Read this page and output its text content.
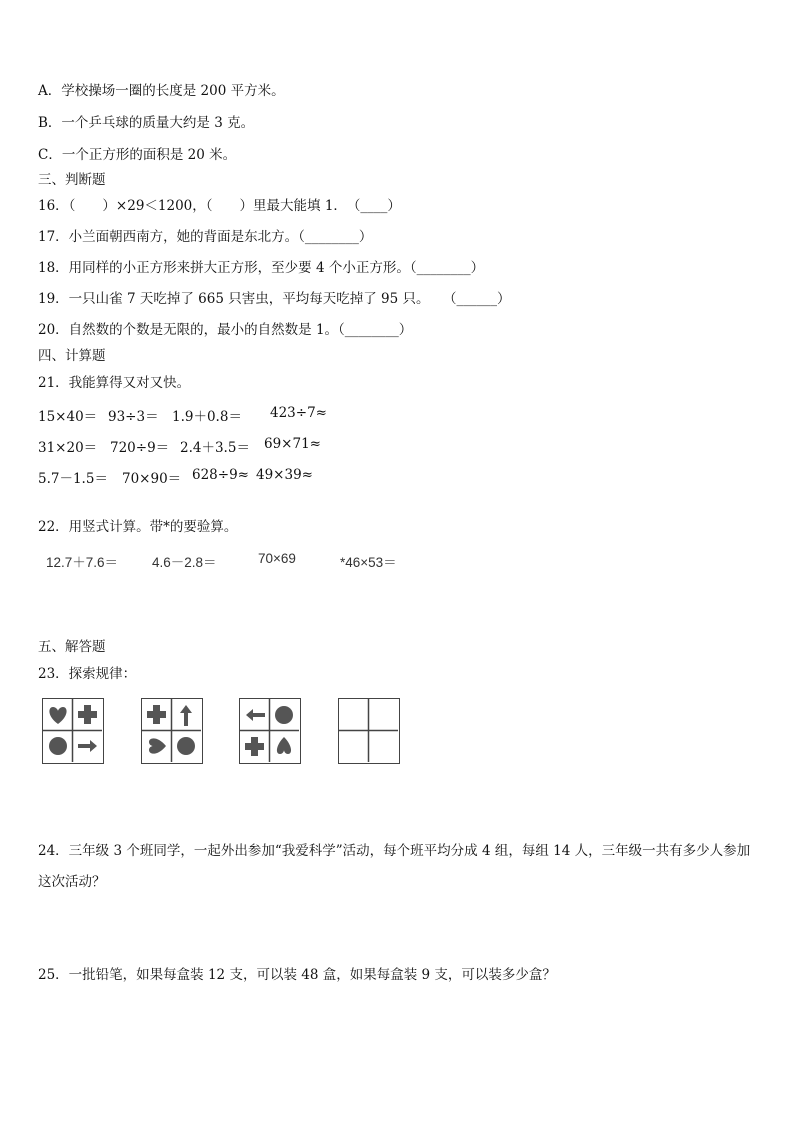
A．学校操场一圈的长度是 200 平方米。
B．一个乒乓球的质量大约是 3 克。
C．一个正方形的面积是 20 米。
三、判断题
16．（　　）×29＜1200，（　　）里最大能填 1．　（____）
17．小兰面朝西南方，她的背面是东北方。（________）
18．用同样的小正方形来拼大正方形，至少要 4 个小正方形。（________）
19．一只山雀 7 天吃掉了 665 只害虫，平均每天吃掉了 95 只。　　（______）
20．自然数的个数是无限的，最小的自然数是 1。（________）
四、计算题
21．我能算得又对又快。
15×40＝ 93÷3＝ 1.9＋0.8＝ 423÷7≈
31×20＝ 720÷9＝ 2.4＋3.5＝ 69×71≈
5.7－1.5＝ 70×90＝ 628÷9≈ 49×39≈
22．用竖式计算。带*的要验算。
12.7＋7.6＝	4.6－2.8＝	70×69	*46×53＝
五、解答题
23．探索规律：
24．三年级 3 个班同学，一起外出参加“我爱科学”活动，每个班平均分成 4 组，每组 14 人，三年级一共有多少人参加
这次活动？
25．一批铅笔，如果每盒装 12 支，可以装 48 盒，如果每盒装 9 支，可以装多少盒？
